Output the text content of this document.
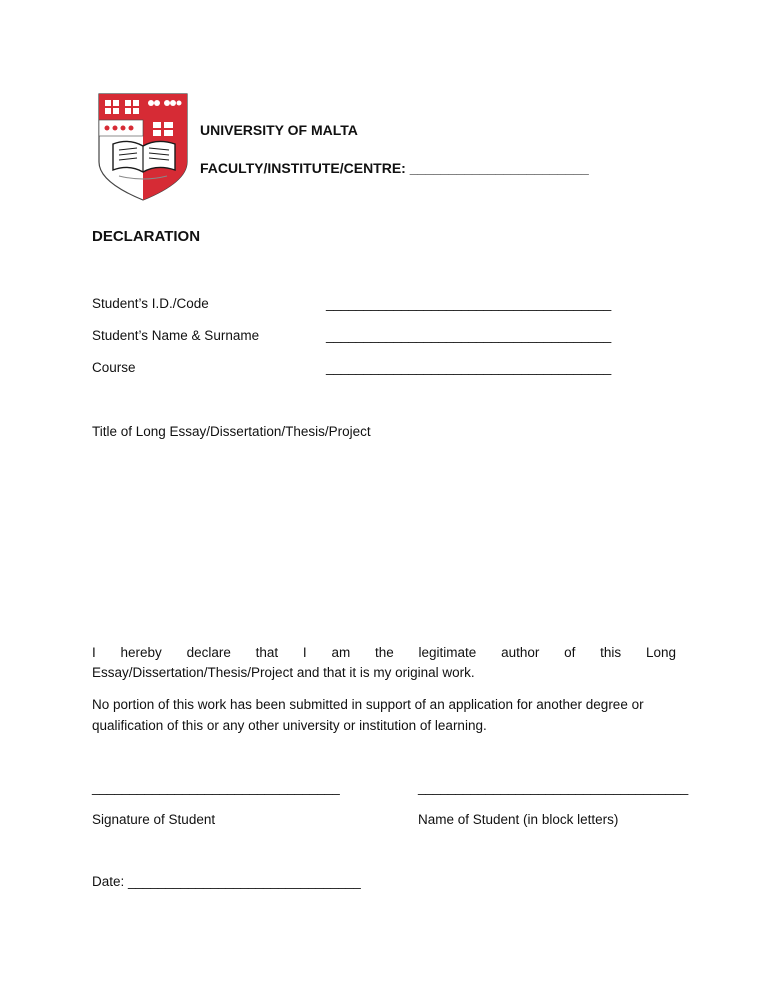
UNIVERSITY OF MALTA
FACULTY/INSTITUTE/CENTRE: _______________________
DECLARATION
Student’s I.D./Code	______________________________________
Student’s Name & Surname	______________________________________
Course	______________________________________
Title of Long Essay/Dissertation/Thesis/Project
I hereby declare that I am the legitimate author of this Long
Essay/Dissertation/Thesis/Project and that it is my original work.
No portion of this work has been submitted in support of an application for another degree or qualification of this or any other university or institution of learning.
_________________________________	____________________________________
Signature of Student	Name of Student (in block letters)
Date: _______________________________
